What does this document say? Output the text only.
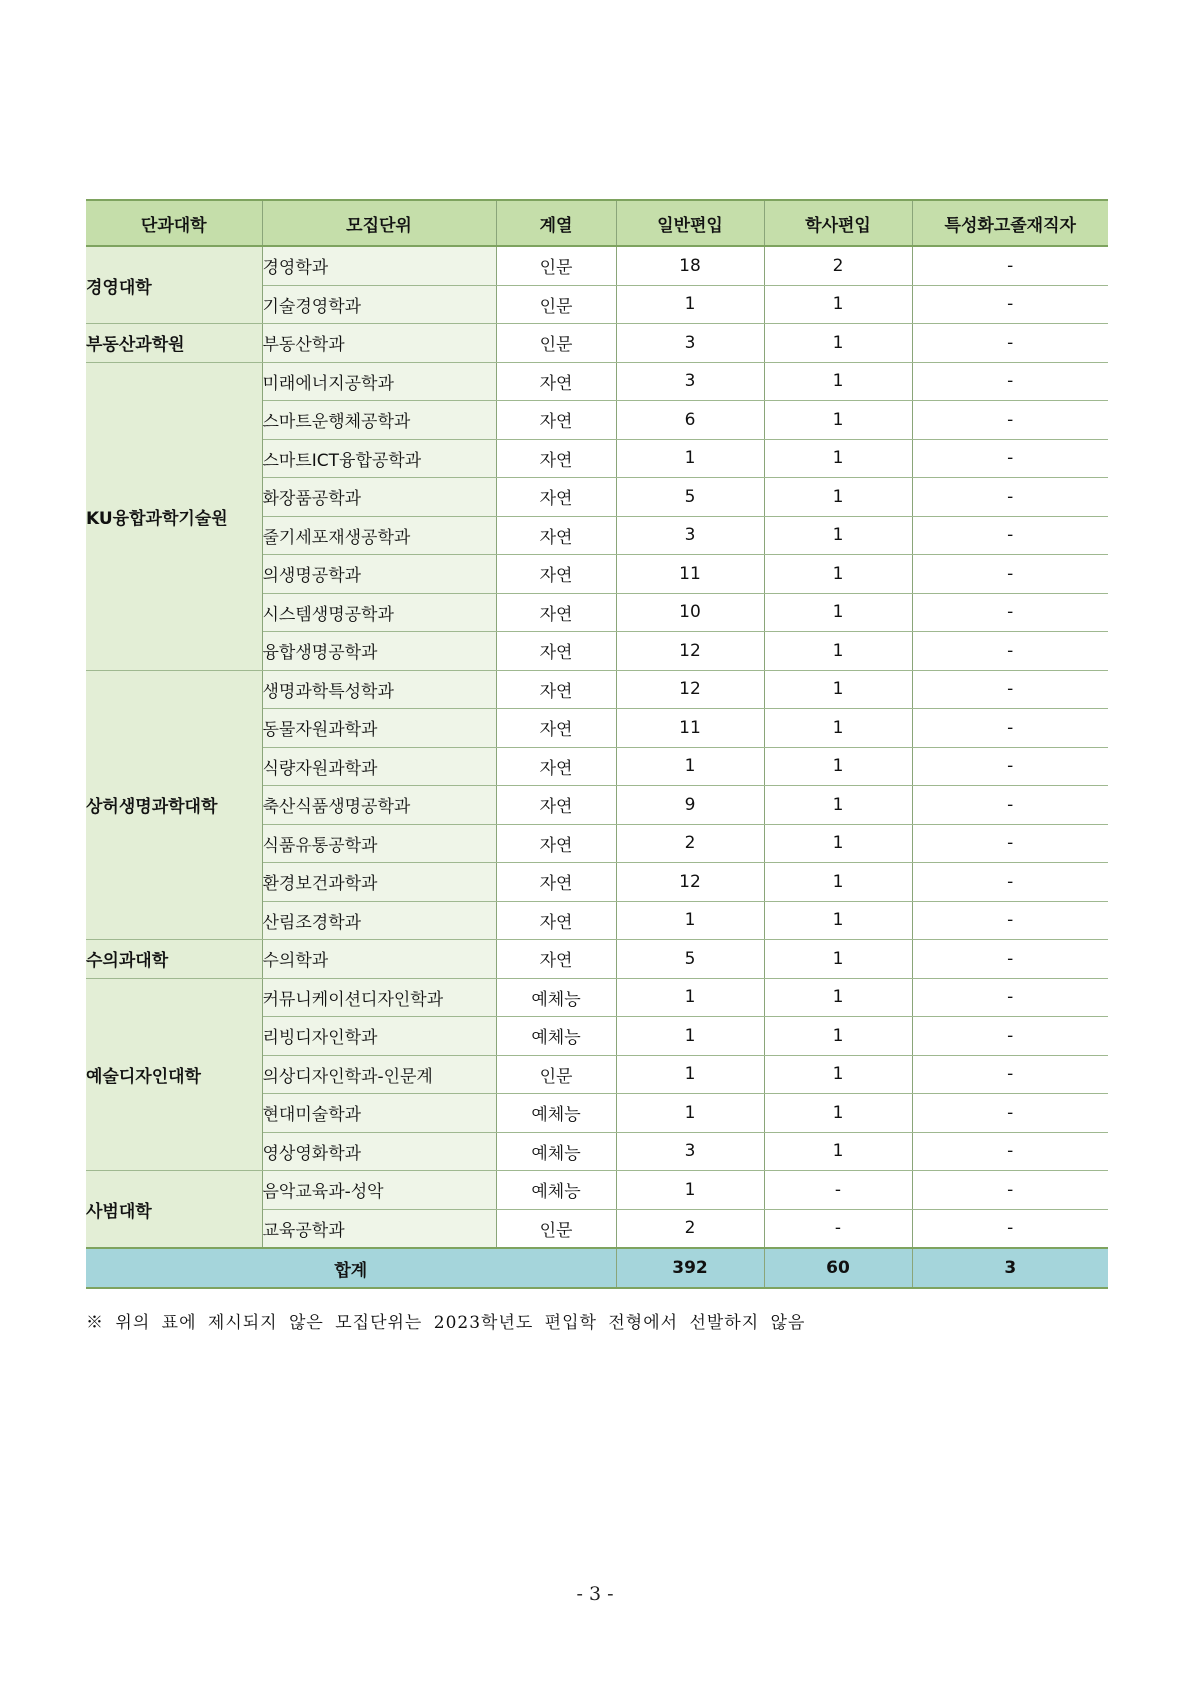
단과대학	모집단위	계열	일반편입	학사편입	특성화고졸재직자
경영대학	경영학과	인문	18	2	-
	기술경영학과	인문	1	1	-
부동산과학원	부동산학과	인문	3	1	-
KU융합과학기술원	미래에너지공학과	자연	3	1	-
	스마트운행체공학과	자연	6	1	-
	스마트ICT융합공학과	자연	1	1	-
	화장품공학과	자연	5	1	-
	줄기세포재생공학과	자연	3	1	-
	의생명공학과	자연	11	1	-
	시스템생명공학과	자연	10	1	-
	융합생명공학과	자연	12	1	-
상허생명과학대학	생명과학특성학과	자연	12	1	-
	동물자원과학과	자연	11	1	-
	식량자원과학과	자연	1	1	-
	축산식품생명공학과	자연	9	1	-
	식품유통공학과	자연	2	1	-
	환경보건과학과	자연	12	1	-
	산림조경학과	자연	1	1	-
수의과대학	수의학과	자연	5	1	-
예술디자인대학	커뮤니케이션디자인학과	예체능	1	1	-
	리빙디자인학과	예체능	1	1	-
	의상디자인학과-인문계	인문	1	1	-
	현대미술학과	예체능	1	1	-
	영상영화학과	예체능	3	1	-
사범대학	음악교육과-성악	예체능	1	-	-
	교육공학과	인문	2	-	-
합계			392	60	3
※ 위의 표에 제시되지 않은 모집단위는 2023학년도 편입학 전형에서 선발하지 않음
- 3 -
